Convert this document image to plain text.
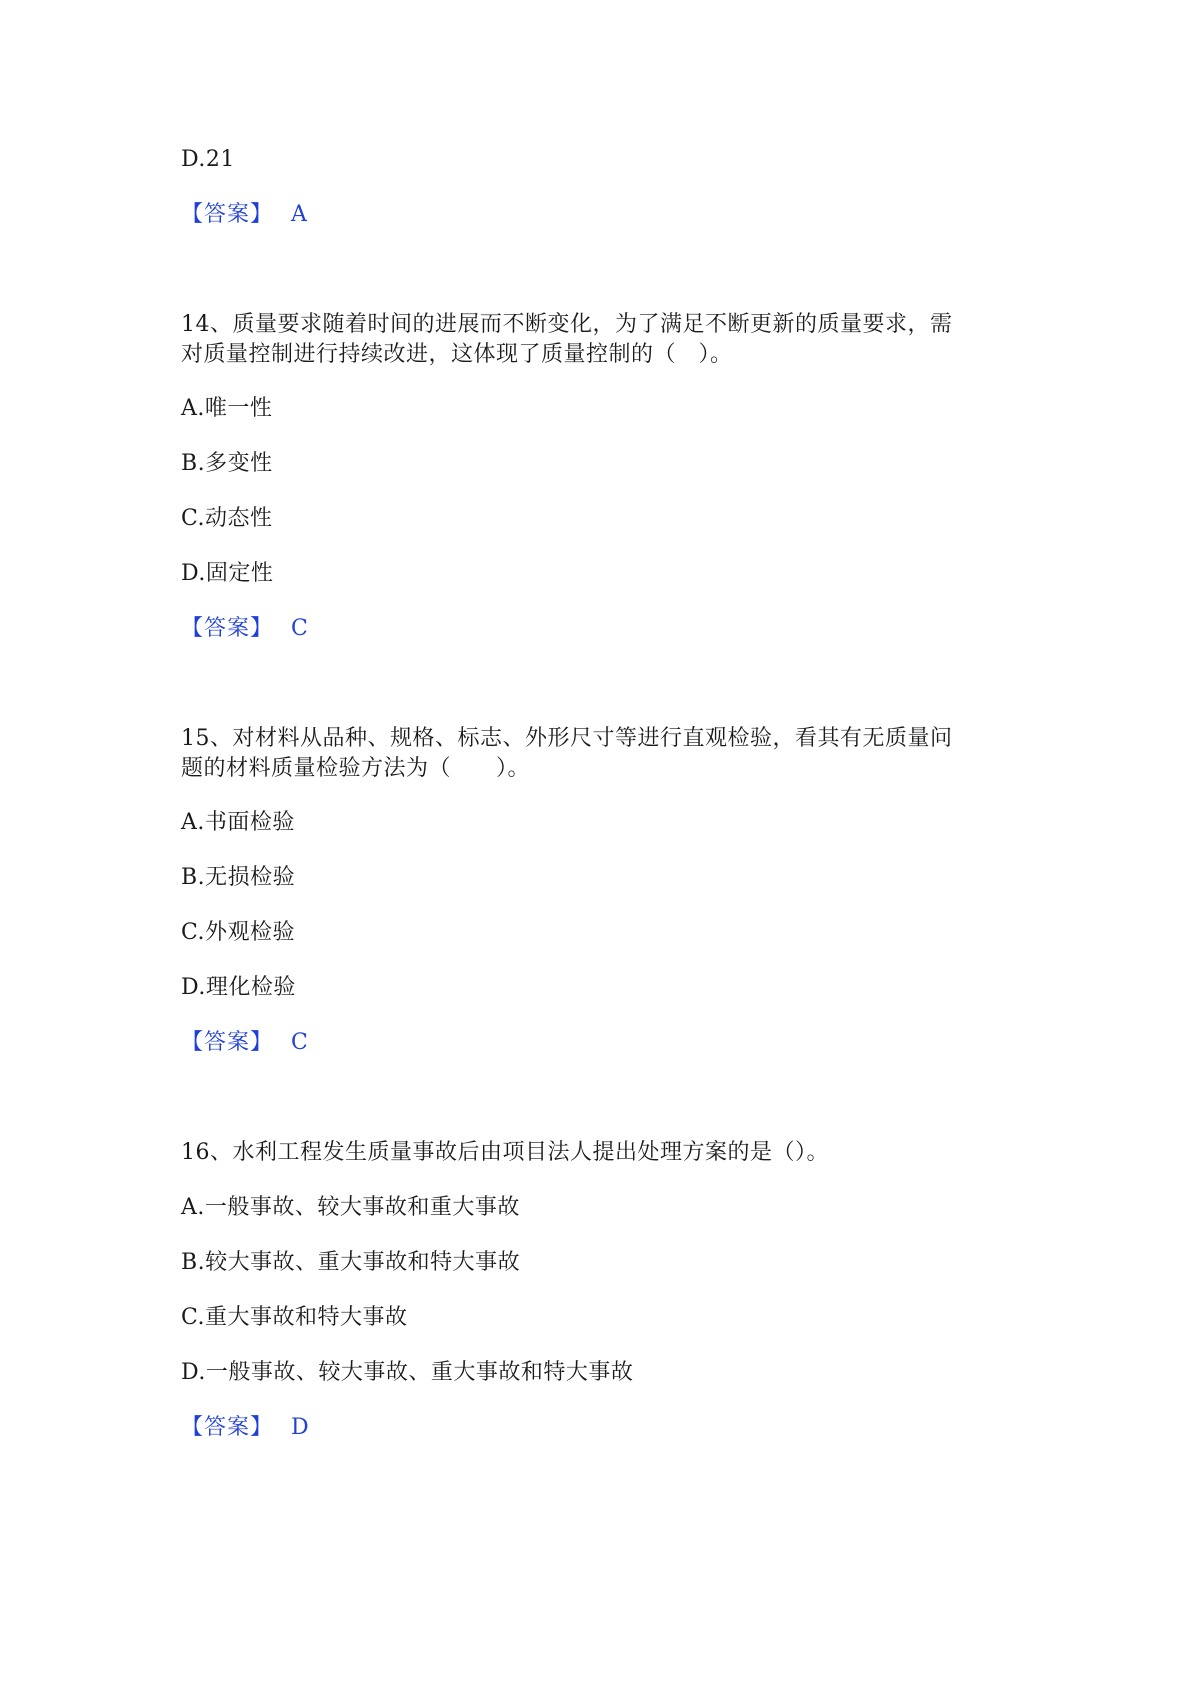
D.21
【答案】 A
14、质量要求随着时间的进展而不断变化，为了满足不断更新的质量要求，需
对质量控制进行持续改进，这体现了质量控制的（　）。
A.唯一性
B.多变性
C.动态性
D.固定性
【答案】 C
15、对材料从品种、规格、标志、外形尺寸等进行直观检验，看其有无质量问
题的材料质量检验方法为（　　）。
A.书面检验
B.无损检验
C.外观检验
D.理化检验
【答案】 C
16、水利工程发生质量事故后由项目法人提出处理方案的是（）。
A.一般事故、较大事故和重大事故
B.较大事故、重大事故和特大事故
C.重大事故和特大事故
D.一般事故、较大事故、重大事故和特大事故
【答案】 D
